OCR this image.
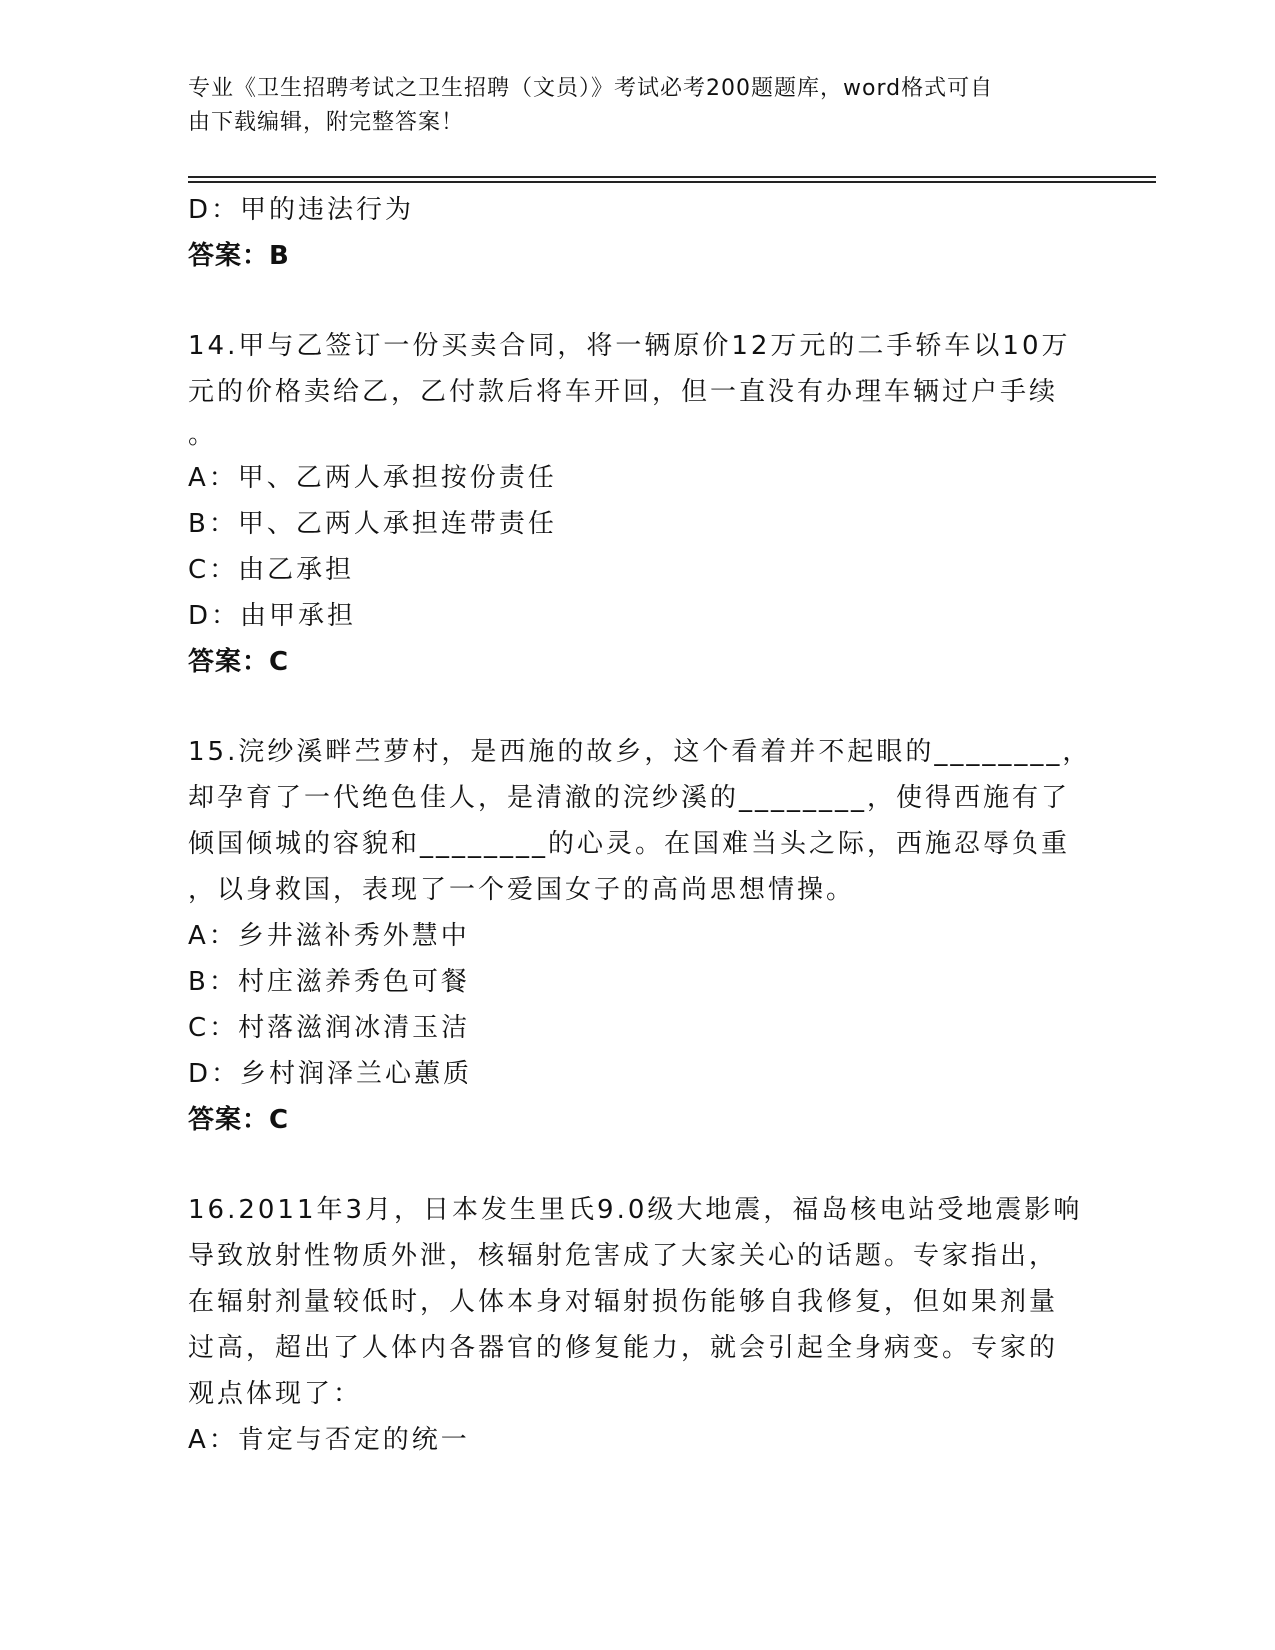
专业《卫生招聘考试之卫生招聘（文员）》考试必考200题题库，word格式可自
由下载编辑，附完整答案！
D：甲的违法行为
答案：B
14.甲与乙签订一份买卖合同，将一辆原价12万元的二手轿车以10万
元的价格卖给乙，乙付款后将车开回，但一直没有办理车辆过户手续
。
A：甲、乙两人承担按份责任
B：甲、乙两人承担连带责任
C：由乙承担
D：由甲承担
答案：C
15.浣纱溪畔苎萝村，是西施的故乡，这个看着并不起眼的________，
却孕育了一代绝色佳人，是清澈的浣纱溪的________，使得西施有了
倾国倾城的容貌和________的心灵。在国难当头之际，西施忍辱负重
，以身救国，表现了一个爱国女子的高尚思想情操。
A：乡井滋补秀外慧中
B：村庄滋养秀色可餐
C：村落滋润冰清玉洁
D：乡村润泽兰心蕙质
答案：C
16.2011年3月，日本发生里氏9.0级大地震，福岛核电站受地震影响
导致放射性物质外泄，核辐射危害成了大家关心的话题。专家指出，
在辐射剂量较低时，人体本身对辐射损伤能够自我修复，但如果剂量
过高，超出了人体内各器官的修复能力，就会引起全身病变。专家的
观点体现了：
A：肯定与否定的统一
